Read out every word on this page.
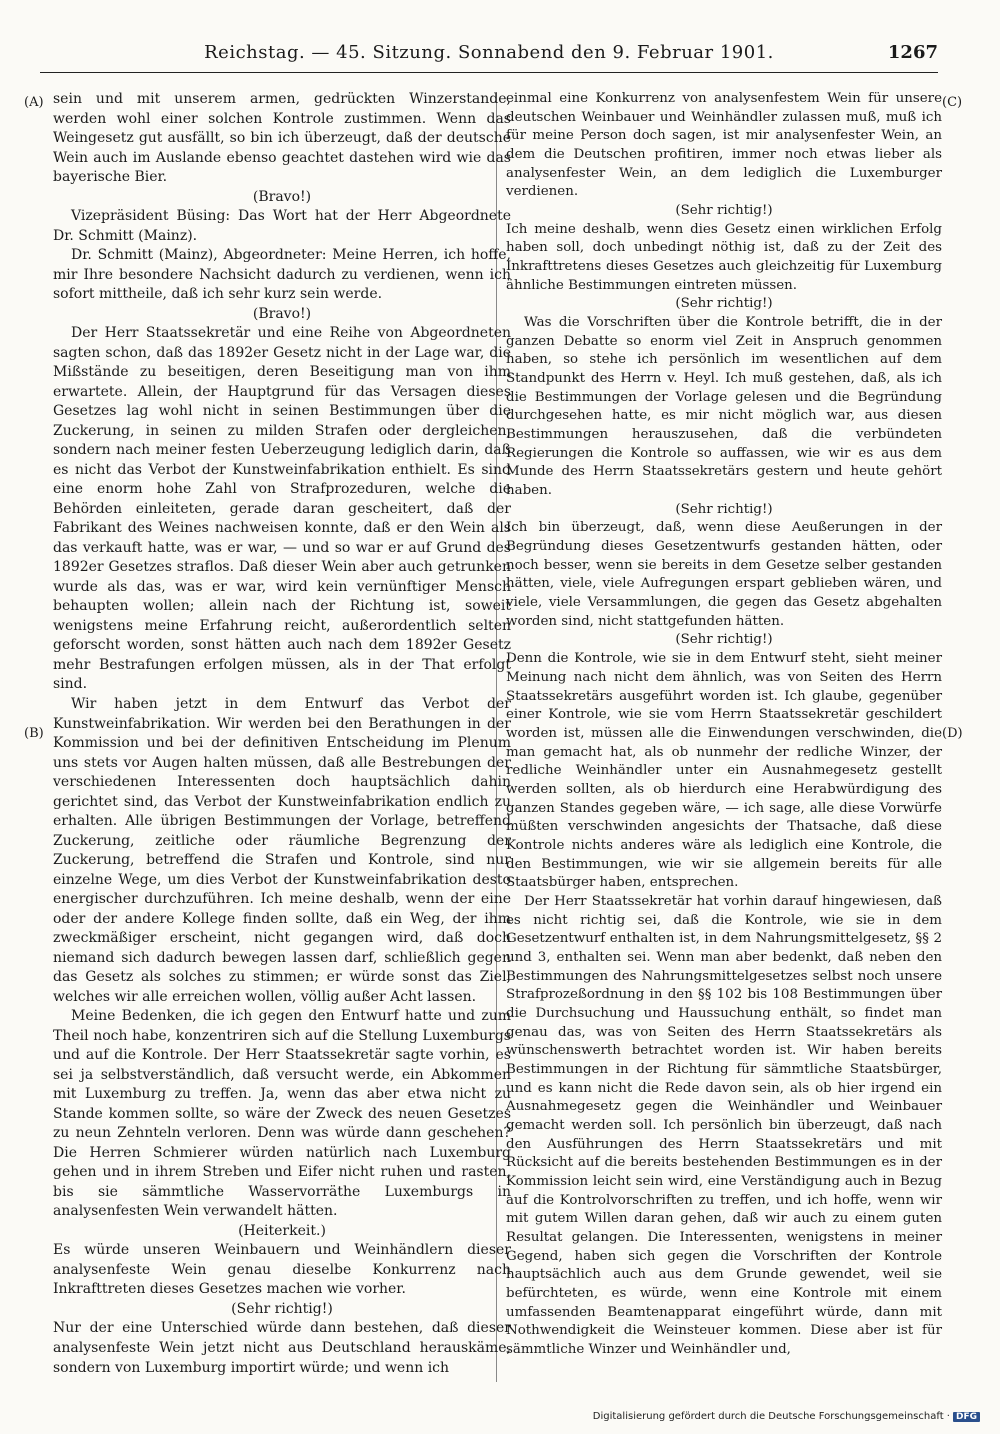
Reichstag. — 45. Sitzung. Sonnabend den 9. Februar 1901.	1267
(A)
(B)
(C)
(D)

sein und mit unserem armen, gedrückten Winzerstande, werden wohl einer solchen Kontrole zustimmen. Wenn das Weingesetz gut ausfällt, so bin ich überzeugt, daß der deutsche Wein auch im Auslande ebenso geachtet dastehen wird wie das bayerische Bier.

(Bravo!)

Vizepräsident Büsing: Das Wort hat der Herr Abgeordnete Dr. Schmitt (Mainz).

Dr. Schmitt (Mainz), Abgeordneter: Meine Herren, ich hoffe, mir Ihre besondere Nachsicht dadurch zu verdienen, wenn ich sofort mittheile, daß ich sehr kurz sein werde.

(Bravo!)

Der Herr Staatssekretär und eine Reihe von Abgeordneten sagten schon, daß das 1892er Gesetz nicht in der Lage war, die Mißstände zu beseitigen, deren Beseitigung man von ihm erwartete. Allein, der Hauptgrund für das Versagen dieses Gesetzes lag wohl nicht in seinen Bestimmungen über die Zuckerung, in seinen zu milden Strafen oder dergleichen, sondern nach meiner festen Ueberzeugung lediglich darin, daß es nicht das Verbot der Kunstweinfabrikation enthielt. Es sind eine enorm hohe Zahl von Strafprozeduren, welche die Behörden einleiteten, gerade daran gescheitert, daß der Fabrikant des Weines nachweisen konnte, daß er den Wein als das verkauft hatte, was er war, — und so war er auf Grund des 1892er Gesetzes straflos. Daß dieser Wein aber auch getrunken wurde als das, was er war, wird kein vernünftiger Mensch behaupten wollen; allein nach der Richtung ist, soweit wenigstens meine Erfahrung reicht, außerordentlich selten geforscht worden, sonst hätten auch nach dem 1892er Gesetz mehr Bestrafungen erfolgen müssen, als in der That erfolgt sind.

Wir haben jetzt in dem Entwurf das Verbot der Kunstweinfabrikation. Wir werden bei den Berathungen in der Kommission und bei der definitiven Entscheidung im Plenum uns stets vor Augen halten müssen, daß alle Bestrebungen der verschiedenen Interessenten doch hauptsächlich dahin gerichtet sind, das Verbot der Kunstweinfabrikation endlich zu erhalten. Alle übrigen Bestimmungen der Vorlage, betreffend Zuckerung, zeitliche oder räumliche Begrenzung der Zuckerung, betreffend die Strafen und Kontrole, sind nur einzelne Wege, um dies Verbot der Kunstweinfabrikation desto energischer durchzuführen. Ich meine deshalb, wenn der eine oder der andere Kollege finden sollte, daß ein Weg, der ihm zweckmäßiger erscheint, nicht gegangen wird, daß doch niemand sich dadurch bewegen lassen darf, schließlich gegen das Gesetz als solches zu stimmen; er würde sonst das Ziel, welches wir alle erreichen wollen, völlig außer Acht lassen.

Meine Bedenken, die ich gegen den Entwurf hatte und zum Theil noch habe, konzentriren sich auf die Stellung Luxemburgs und auf die Kontrole. Der Herr Staatssekretär sagte vorhin, es sei ja selbstverständlich, daß versucht werde, ein Abkommen mit Luxemburg zu treffen. Ja, wenn das aber etwa nicht zu Stande kommen sollte, so wäre der Zweck des neuen Gesetzes zu neun Zehnteln verloren. Denn was würde dann geschehen? Die Herren Schmierer würden natürlich nach Luxemburg gehen und in ihrem Streben und Eifer nicht ruhen und rasten, bis sie sämmtliche Wasservorräthe Luxemburgs in analysenfesten Wein verwandelt hätten.

(Heiterkeit.)

Es würde unseren Weinbauern und Weinhändlern dieser analysenfeste Wein genau dieselbe Konkurrenz nach Inkrafttreten dieses Gesetzes machen wie vorher.

(Sehr richtig!)

Nur der eine Unterschied würde dann bestehen, daß dieser analysenfeste Wein jetzt nicht aus Deutschland herauskäme, sondern von Luxemburg importirt würde; und wenn ich

einmal eine Konkurrenz von analysenfestem Wein für unsere deutschen Weinbauer und Weinhändler zulassen muß, muß ich für meine Person doch sagen, ist mir analysenfester Wein, an dem die Deutschen profitiren, immer noch etwas lieber als analysenfester Wein, an dem lediglich die Luxemburger verdienen.

(Sehr richtig!)

Ich meine deshalb, wenn dies Gesetz einen wirklichen Erfolg haben soll, doch unbedingt nöthig ist, daß zu der Zeit des Inkrafttretens dieses Gesetzes auch gleichzeitig für Luxemburg ähnliche Bestimmungen eintreten müssen.

(Sehr richtig!)

Was die Vorschriften über die Kontrole betrifft, die in der ganzen Debatte so enorm viel Zeit in Anspruch genommen haben, so stehe ich persönlich im wesentlichen auf dem Standpunkt des Herrn v. Heyl. Ich muß gestehen, daß, als ich die Bestimmungen der Vorlage gelesen und die Begründung durchgesehen hatte, es mir nicht möglich war, aus diesen Bestimmungen herauszusehen, daß die verbündeten Regierungen die Kontrole so auffassen, wie wir es aus dem Munde des Herrn Staatssekretärs gestern und heute gehört haben.

(Sehr richtig!)

Ich bin überzeugt, daß, wenn diese Aeußerungen in der Begründung dieses Gesetzentwurfs gestanden hätten, oder noch besser, wenn sie bereits in dem Gesetze selber gestanden hätten, viele, viele Aufregungen erspart geblieben wären, und viele, viele Versammlungen, die gegen das Gesetz abgehalten worden sind, nicht stattgefunden hätten.

(Sehr richtig!)

Denn die Kontrole, wie sie in dem Entwurf steht, sieht meiner Meinung nach nicht dem ähnlich, was von Seiten des Herrn Staatssekretärs ausgeführt worden ist. Ich glaube, gegenüber einer Kontrole, wie sie vom Herrn Staatssekretär geschildert worden ist, müssen alle die Einwendungen verschwinden, die man gemacht hat, als ob nunmehr der redliche Winzer, der redliche Weinhändler unter ein Ausnahmegesetz gestellt werden sollten, als ob hierdurch eine Herabwürdigung des ganzen Standes gegeben wäre, — ich sage, alle diese Vorwürfe müßten verschwinden angesichts der Thatsache, daß diese Kontrole nichts anderes wäre als lediglich eine Kontrole, die den Bestimmungen, wie wir sie allgemein bereits für alle Staatsbürger haben, entsprechen.

Der Herr Staatssekretär hat vorhin darauf hingewiesen, daß es nicht richtig sei, daß die Kontrole, wie sie in dem Gesetzentwurf enthalten ist, in dem Nahrungsmittelgesetz, §§ 2 und 3, enthalten sei. Wenn man aber bedenkt, daß neben den Bestimmungen des Nahrungsmittelgesetzes selbst noch unsere Strafprozeßordnung in den §§ 102 bis 108 Bestimmungen über die Durchsuchung und Haussuchung enthält, so findet man genau das, was von Seiten des Herrn Staatssekretärs als wünschenswerth betrachtet worden ist. Wir haben bereits Bestimmungen in der Richtung für sämmtliche Staatsbürger, und es kann nicht die Rede davon sein, als ob hier irgend ein Ausnahmegesetz gegen die Weinhändler und Weinbauer gemacht werden soll. Ich persönlich bin überzeugt, daß nach den Ausführungen des Herrn Staatssekretärs und mit Rücksicht auf die bereits bestehenden Bestimmungen es in der Kommission leicht sein wird, eine Verständigung auch in Bezug auf die Kontrolvorschriften zu treffen, und ich hoffe, wenn wir mit gutem Willen daran gehen, daß wir auch zu einem guten Resultat gelangen. Die Interessenten, wenigstens in meiner Gegend, haben sich gegen die Vorschriften der Kontrole hauptsächlich auch aus dem Grunde gewendet, weil sie befürchteten, es würde, wenn eine Kontrole mit einem umfassenden Beamtenapparat eingeführt würde, dann mit Nothwendigkeit die Weinsteuer kommen. Diese aber ist für sämmtliche Winzer und Weinhändler und,

Digitalisierung gefördert durch die Deutsche Forschungsgemeinschaft · DFG
